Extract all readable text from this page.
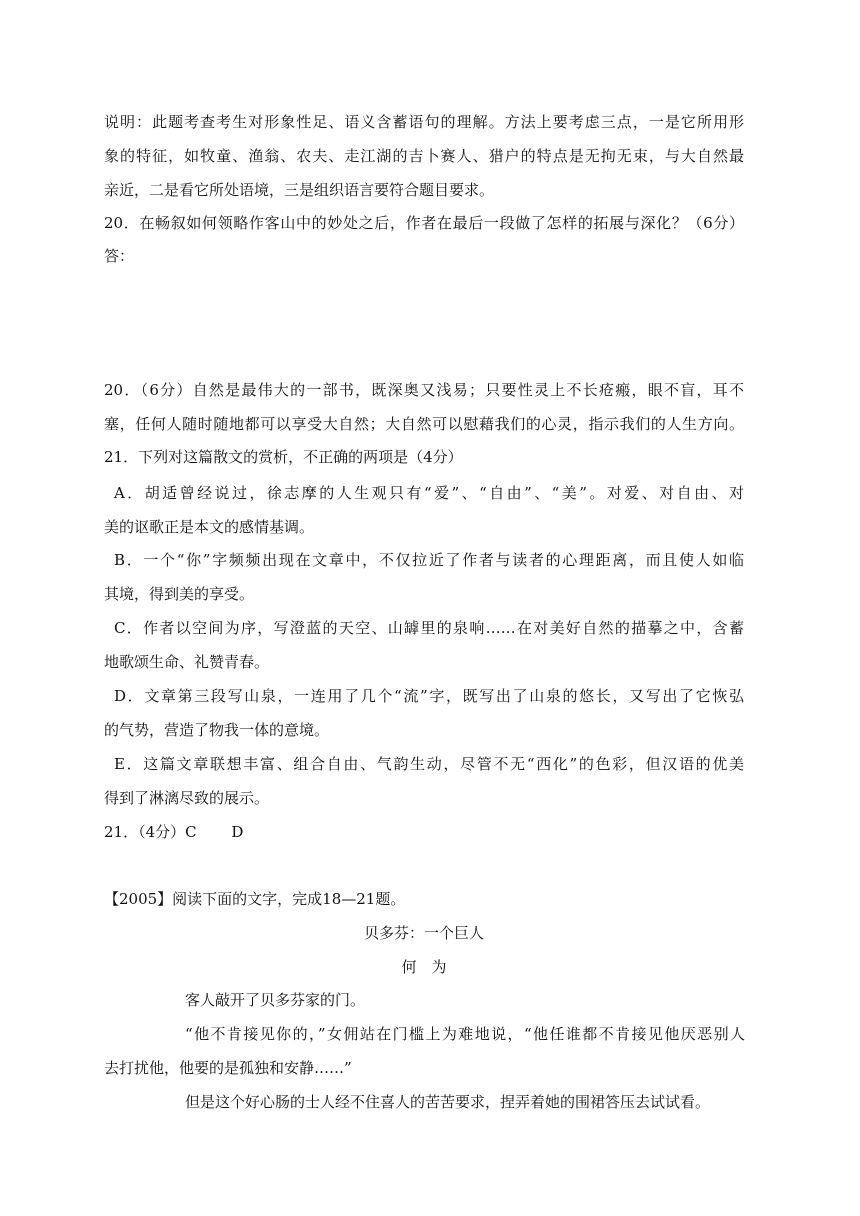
说明：此题考查考生对形象性足、语义含蓄语句的理解。方法上要考虑三点，一是它所用形
象的特征，如牧童、渔翁、农夫、走江湖的吉卜赛人、猎户的特点是无拘无束，与大自然最
亲近，二是看它所处语境，三是组织语言要符合题目要求。
20．在畅叙如何领略作客山中的妙处之后，作者在最后一段做了怎样的拓展与深化？（6分）
答：
20．（6分）自然是最伟大的一部书，既深奥又浅易；只要性灵上不长疮瘢，眼不盲，耳不
塞，任何人随时随地都可以享受大自然；大自然可以慰藉我们的心灵，指示我们的人生方向。
21．下列对这篇散文的赏析，不正确的两项是（4分）
A．胡适曾经说过，徐志摩的人生观只有“爱”、“自由”、“美”。对爱、对自由、对
美的讴歌正是本文的感情基调。
B．一个“你”字频频出现在文章中，不仅拉近了作者与读者的心理距离，而且使人如临
其境，得到美的享受。
C．作者以空间为序，写澄蓝的天空、山罅里的泉响……在对美好自然的描摹之中，含蓄
地歌颂生命、礼赞青春。
D．文章第三段写山泉，一连用了几个“流”字，既写出了山泉的悠长，又写出了它恢弘
的气势，营造了物我一体的意境。
E．这篇文章联想丰富、组合自由、气韵生动，尽管不无“西化”的色彩，但汉语的优美
得到了淋漓尽致的展示。
21．（4分）C　　 D
【2005】阅读下面的文字，完成18—21题。
贝多芬：一个巨人
何　为
客人敲开了贝多芬家的门。
“他不肯接见你的，”女佣站在门槛上为难地说，“他任谁都不肯接见他厌恶别人
去打扰他，他要的是孤独和安静……”
但是这个好心肠的士人经不住喜人的苦苦要求，捏弄着她的围裙答压去试试看。
